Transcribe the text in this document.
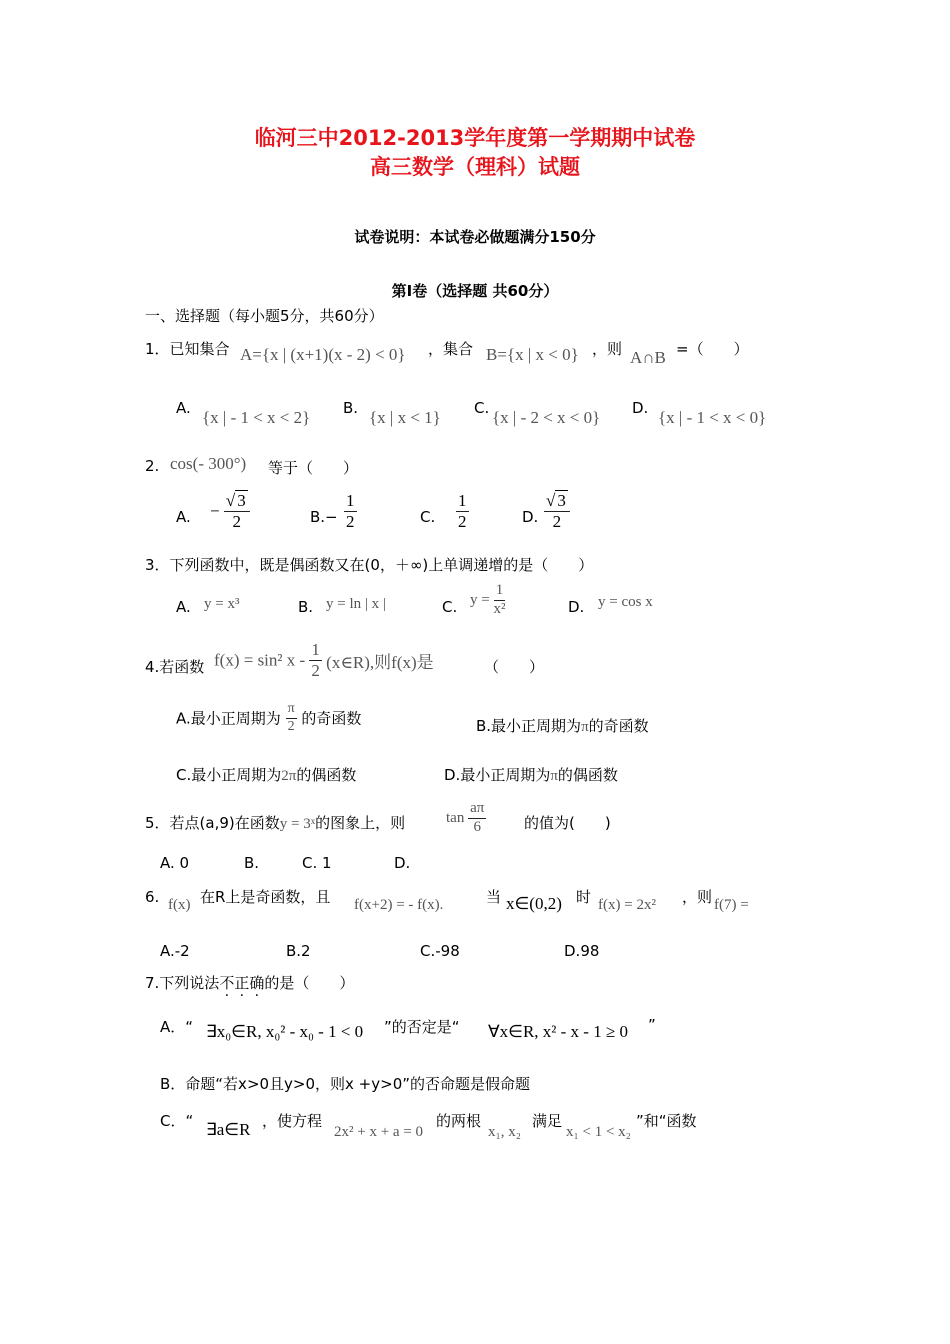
临河三中2012-2013学年度第一学期期中试卷
高三数学（理科）试题
试卷说明：本试卷必做题满分150分
第Ⅰ卷（选择题 共60分）
一、选择题（每小题5分，共60分）
1．已知集合 A={x | (x+1)(x - 2) < 0} ，集合 B={x | x < 0} ，则 A∩B =（　　）
A. {x | - 1 < x < 2} B. {x | x < 1} C. {x | - 2 < x < 0} D. {x | - 1 < x < 0}
2. cos(- 300°) 等于（　　）
A. − $\frac{√ 3}{2}$	$B.- \frac{1}{2}$	C. $\frac{1}{2}$	D. $\frac{√ 3}{2}$
3．下列函数中，既是偶函数又在(0，＋∞)上单调递增的是（　　）
A. y = x³	B. y = ln | x |	C. $y = \frac{1}{\text{x²}}$	D. y = cos x
4.若函数 f(x) = sin² x - $\frac{1}{2}$ (x∈R),则f(x)是	（　　）
A.最小正周期为 $\frac{\pi}{2}$ 的奇函数	B.最小正周期为π的奇函数
C.最小正周期为2π的偶函数	D.最小正周期为π的偶函数
5．若点(a,9)在函数y = 3ˣ的图象上，则	$\tan \frac{a\pi}{6}$	的值为(　　)
A. 0	B.	C. 1	D.
6. f(x) 在R上是奇函数，且 f(x+2) = - f(x).	当 x∈(0,2) 时 f(x) = 2x² ，则 f(7) =
A.-2	B.2	C.-98	D.98
7.下列说法不正确的是（　　）
A．“ ∃x₀∈R, x₀² - x₀ - 1 < 0 ”的否定是“ ∀x∈R, x² - x - 1 ≥ 0 ”
B．命题“若x>0且y>0，则x +y>0”的否命题是假命题
C．“ ∃a∈R ，使方程
2x² + x + a = 0
的两根
x₁, x₂
满足
x₁ < 1 < x₂
”和“函数
